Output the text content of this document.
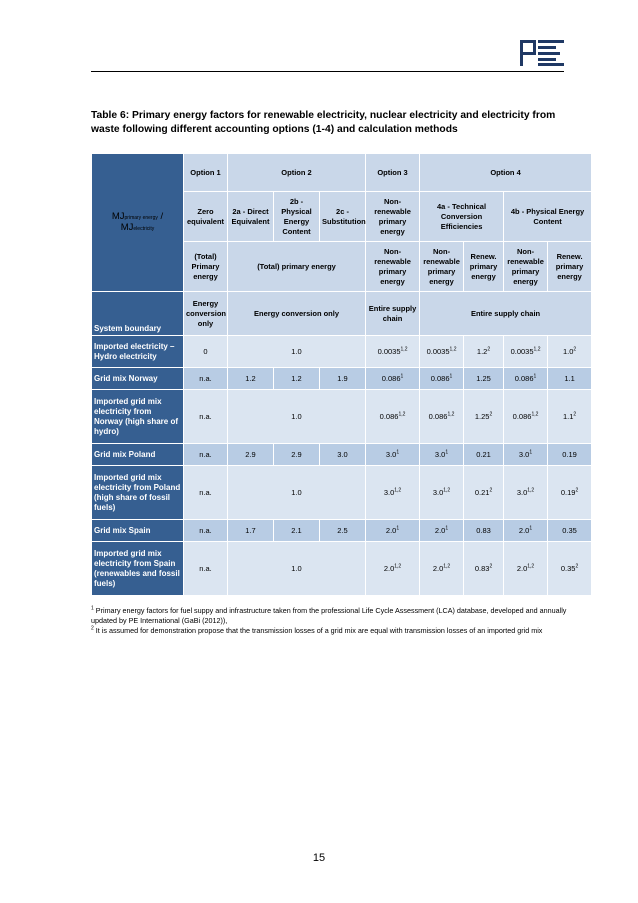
Table 6: Primary energy factors for renewable electricity, nuclear electricity and electricity from waste following different accounting options (1-4) and calculation methods
MJprimary energy /
MJelectricity	Option 1	Option 2			Option 3	Option 4			
	Zero equivalent	2a - Direct Equivalent	2b - Physical Energy Content	2c - Substitution	Non-renewable primary energy	4a - Technical Conversion Efficiencies		4b - Physical Energy Content	
	(Total) Primary energy	(Total) primary energy			Non-renewable primary energy	Non-renewable primary energy	Renew. primary energy	Non-renewable primary energy	Renew. primary energy
System boundary	Energy conversion only	Energy conversion only			Entire supply chain	Entire supply chain			
Imported electricity – Hydro electricity	0	1.0			0.0035$^{1,2}$	0.0035$^{1,2}$	$1.2^2$	0.0035$^{1,2}$	$1.0^2$
Grid mix Norway	n.a.	1.2	1.2	1.9	0.086$^1$	0.086$^1$	1.25	0.086$^1$	1.1
Imported grid mix electricity from Norway (high share of hydro)	n.a.	1.0			0.086$^{1,2}$	0.086$^{1,2}$	1.25$^2$	0.086$^{1,2}$	$1.1^2$
Grid mix Poland	n.a.	2.9	2.9	3.0	$3.0^1$	$3.0^1$	0.21	$3.0^1$	0.19
Imported grid mix electricity from Poland (high share of fossil fuels)	n.a.	1.0			3.0$^{1,2}$	3.0$^{1,2}$	0.21$^2$	3.0$^{1,2}$	0.19$^2$
Grid mix Spain	n.a.	1.7	2.1	2.5	$2.0^1$	$2.0^1$	0.83	$2.0^1$	0.35
Imported grid mix electricity from Spain (renewables and fossil fuels)	n.a.	1.0			2.0$^{1,2}$	2.0$^{1,2}$	0.83$^2$	2.0$^{1,2}$	0.35$^2$
$^1$ Primary energy factors for fuel suppy and infrastructure taken from the professional Life Cycle Assessment (LCA) database, developed and annually updated by PE International (GaBi (2012)),
$^2$ It is assumed for demonstration propose that the transmission losses of a grid mix are equal with transmission losses of an imported grid mix
15
